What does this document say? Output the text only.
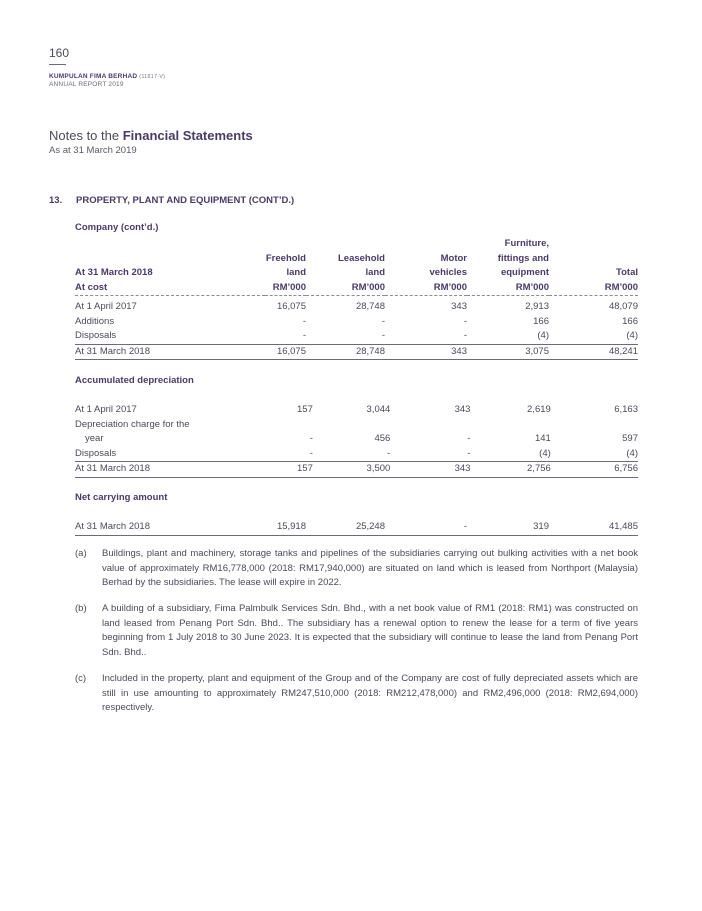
160
KUMPULAN FIMA BERHAD (11817-V)
ANNUAL REPORT 2019
Notes to the Financial Statements
As at 31 March 2019
13. PROPERTY, PLANT AND EQUIPMENT (CONT’D.)
Company (cont’d.)
				Furniture,	
	Freehold	Leasehold	Motor	fittings and	
At 31 March 2018	land	land	vehicles	equipment	Total
At cost	RM’000	RM’000	RM’000	RM’000	RM’000
At 1 April 2017	16,075	28,748	343	2,913	48,079
Additions	-	-	-	166	166
Disposals	-	-	-	(4)	(4)
At 31 March 2018	16,075	28,748	343	3,075	48,241
Accumulated depreciation
At 1 April 2017	157	3,044	343	2,619	6,163
Depreciation charge for the					
year	-	456	-	141	597
Disposals	-	-	-	(4)	(4)
At 31 March 2018	157	3,500	343	2,756	6,756
Net carrying amount
At 31 March 2018	15,918	25,248	-	319	41,485
(a) Buildings, plant and machinery, storage tanks and pipelines of the subsidiaries carrying out bulking activities with a net book value of approximately RM16,778,000 (2018: RM17,940,000) are situated on land which is leased from Northport (Malaysia) Berhad by the subsidiaries. The lease will expire in 2022.
(b) A building of a subsidiary, Fima Palmbulk Services Sdn. Bhd., with a net book value of RM1 (2018: RM1) was constructed on land leased from Penang Port Sdn. Bhd.. The subsidiary has a renewal option to renew the lease for a term of five years beginning from 1 July 2018 to 30 June 2023. It is expected that the subsidiary will continue to lease the land from Penang Port Sdn. Bhd..
(c) Included in the property, plant and equipment of the Group and of the Company are cost of fully depreciated assets which are still in use amounting to approximately RM247,510,000 (2018: RM212,478,000) and RM2,496,000 (2018: RM2,694,000) respectively.
